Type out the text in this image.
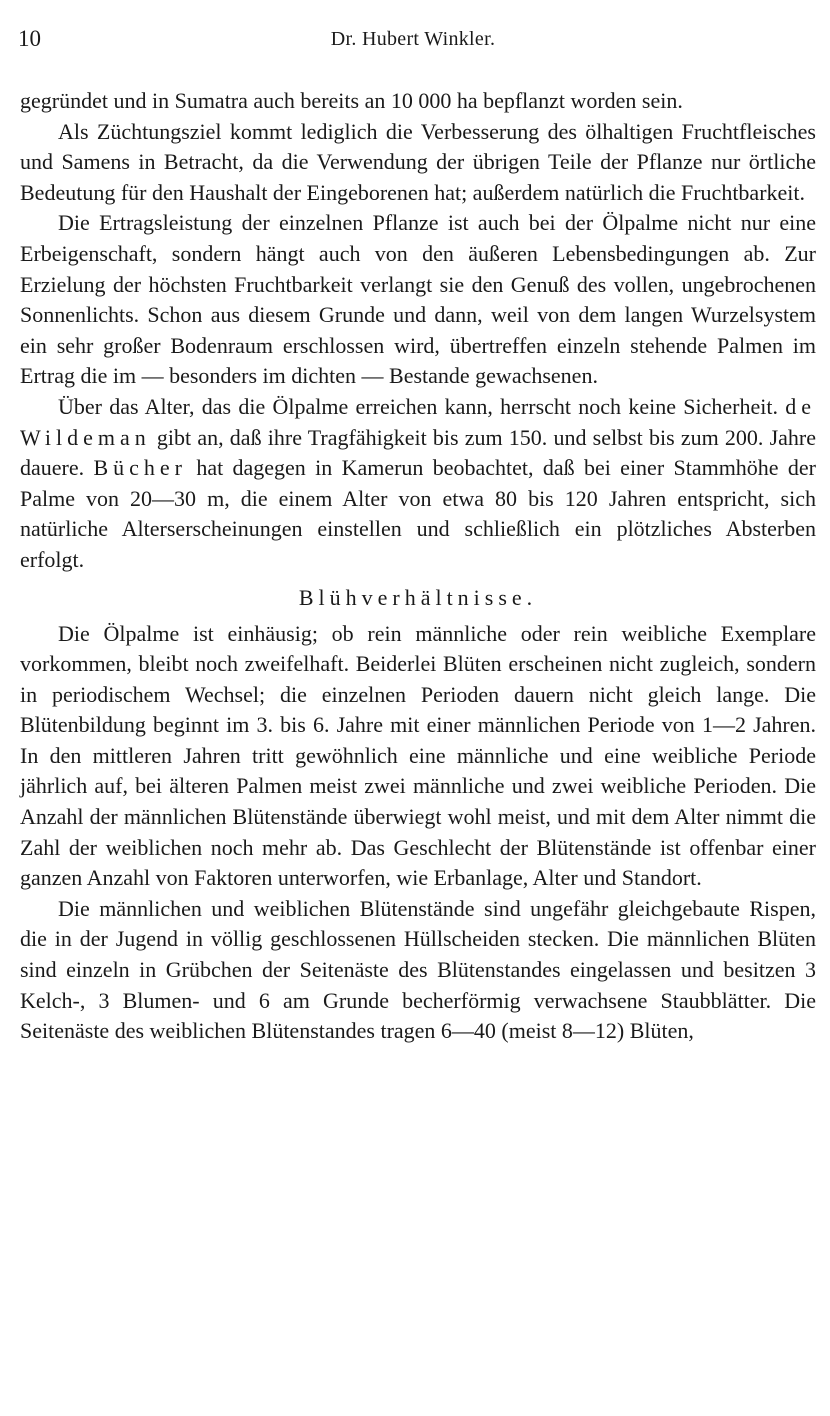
10	Dr. Hubert Winkler.

gegründet und in Sumatra auch bereits an 10 000 ha bepflanzt worden sein.

Als Züchtungsziel kommt lediglich die Verbesserung des ölhaltigen Fruchtfleisches und Samens in Betracht, da die Verwendung der übrigen Teile der Pflanze nur örtliche Bedeutung für den Haushalt der Eingeborenen hat; außerdem natürlich die Fruchtbarkeit.

Die Ertragsleistung der einzelnen Pflanze ist auch bei der Ölpalme nicht nur eine Erbeigenschaft, sondern hängt auch von den äußeren Lebensbedingungen ab. Zur Erzielung der höchsten Fruchtbarkeit verlangt sie den Genuß des vollen, ungebrochenen Sonnenlichts. Schon aus diesem Grunde und dann, weil von dem langen Wurzelsystem ein sehr großer Bodenraum erschlossen wird, übertreffen einzeln stehende Palmen im Ertrag die im — besonders im dichten — Bestande gewachsenen.

Über das Alter, das die Ölpalme erreichen kann, herrscht noch keine Sicherheit. de Wildeman gibt an, daß ihre Tragfähigkeit bis zum 150. und selbst bis zum 200. Jahre dauere. Bücher hat dagegen in Kamerun beobachtet, daß bei einer Stammhöhe der Palme von 20—30 m, die einem Alter von etwa 80 bis 120 Jahren entspricht, sich natürliche Alterserscheinungen einstellen und schließlich ein plötzliches Absterben erfolgt.

Blühverhältnisse.

Die Ölpalme ist einhäusig; ob rein männliche oder rein weibliche Exemplare vorkommen, bleibt noch zweifelhaft. Beiderlei Blüten erscheinen nicht zugleich, sondern in periodischem Wechsel; die einzelnen Perioden dauern nicht gleich lange. Die Blütenbildung beginnt im 3. bis 6. Jahre mit einer männlichen Periode von 1—2 Jahren. In den mittleren Jahren tritt gewöhnlich eine männliche und eine weibliche Periode jährlich auf, bei älteren Palmen meist zwei männliche und zwei weibliche Perioden. Die Anzahl der männlichen Blütenstände überwiegt wohl meist, und mit dem Alter nimmt die Zahl der weiblichen noch mehr ab. Das Geschlecht der Blütenstände ist offenbar einer ganzen Anzahl von Faktoren unterworfen, wie Erbanlage, Alter und Standort.

Die männlichen und weiblichen Blütenstände sind ungefähr gleichgebaute Rispen, die in der Jugend in völlig geschlossenen Hüllscheiden stecken. Die männlichen Blüten sind einzeln in Grübchen der Seitenäste des Blütenstandes eingelassen und besitzen 3 Kelch-, 3 Blumen- und 6 am Grunde becherförmig verwachsene Staubblätter. Die Seitenäste des weiblichen Blütenstandes tragen 6—40 (meist 8—12) Blüten,
